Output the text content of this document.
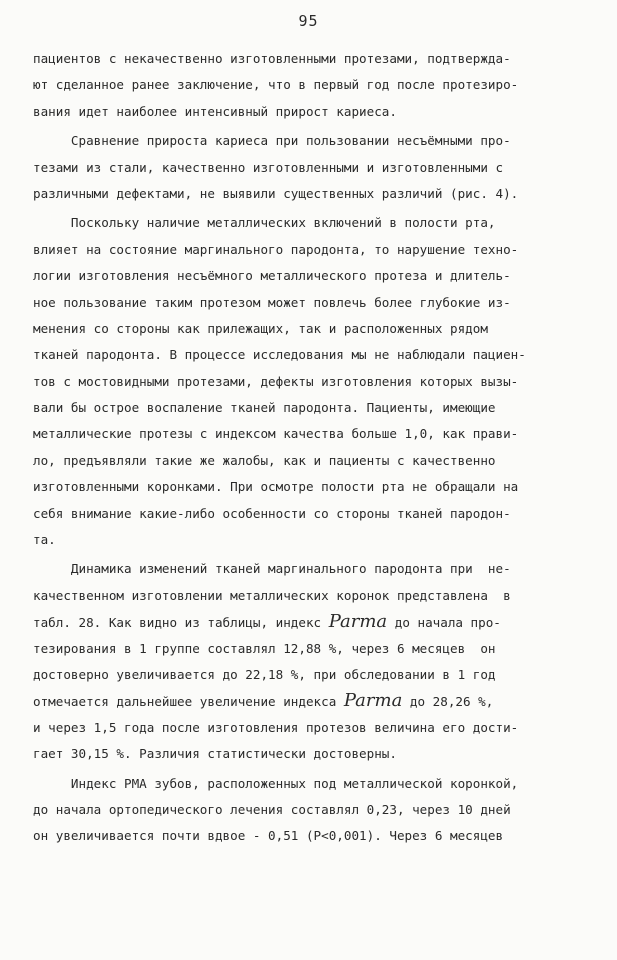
95
пациентов с некачественно изготовленными протезами, подтвержда-
ют сделанное ранее заключение, что в первый год после протезиро-
вания идет наиболее интенсивный прирост кариеса.
Сравнение прироста кариеса при пользовании несъёмными про-
тезами из стали, качественно изготовленными и изготовленными с
различными дефектами, не выявили существенных различий (рис. 4).
Поскольку наличие металлических включений в полости рта,
влияет на состояние маргинального пародонта, то нарушение техно-
логии изготовления несъёмного металлического протеза и длитель-
ное пользование таким протезом может повлечь более глубокие из-
менения со стороны как прилежащих, так и расположенных рядом
тканей пародонта. В процессе исследования мы не наблюдали пациен-
тов с мостовидными протезами, дефекты изготовления которых вызы-
вали бы острое воспаление тканей пародонта. Пациенты, имеющие
металлические протезы с индексом качества больше 1,0, как прави-
ло, предъявляли такие же жалобы, как и пациенты с качественно
изготовленными коронками. При осмотре полости рта не обращали на
себя внимание какие-либо особенности со стороны тканей пародон-
та.
Динамика изменений тканей маргинального пародонта при  не-
качественном изготовлении металлических коронок представлена  в
табл. 28. Как видно из таблицы, индекс Parma до начала про-
тезирования в 1 группе составлял 12,88 %, через 6 месяцев  он
достоверно увеличивается до 22,18 %, при обследовании в 1 год
отмечается дальнейшее увеличение индекса Parma до 28,26 %,
и через 1,5 года после изготовления протезов величина его дости-
гает 30,15 %. Различия статистически достоверны.
Индекс РМА зубов, расположенных под металлической коронкой,
до начала ортопедического лечения составлял 0,23, через 10 дней
он увеличивается почти вдвое - 0,51 (P<0,001). Через 6 месяцев
